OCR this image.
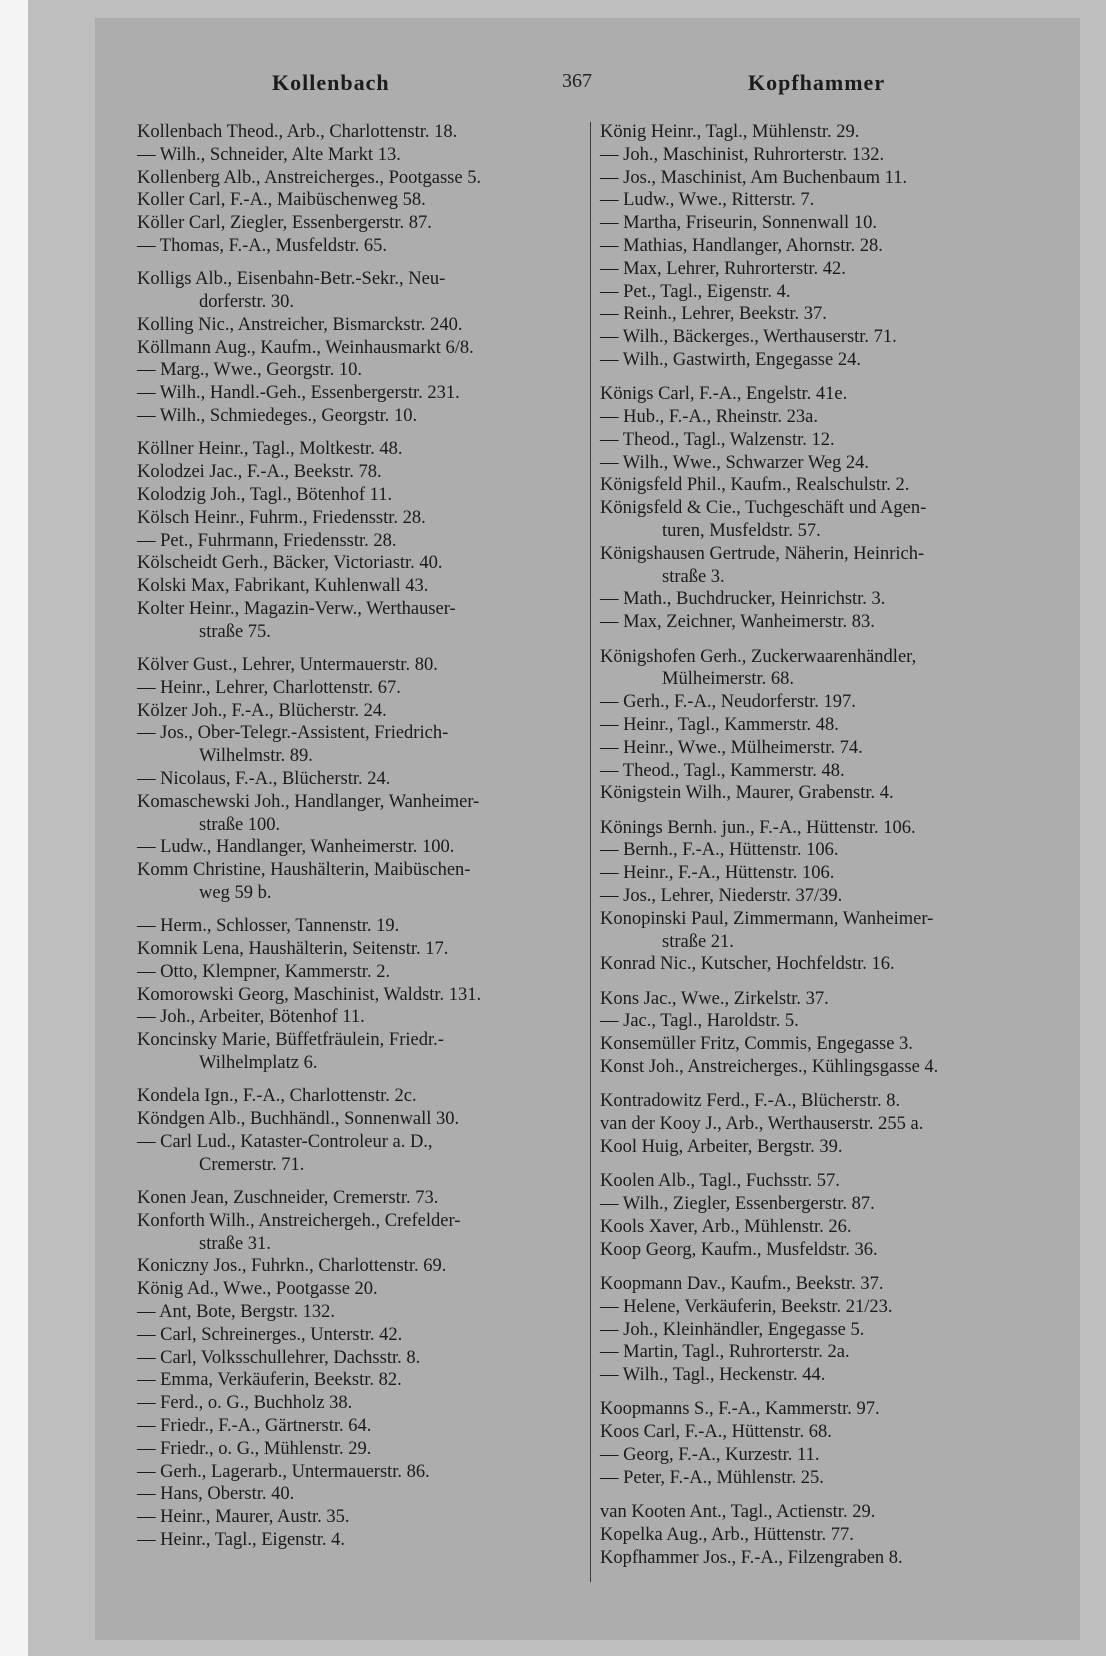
Kollenbach	367	Kopfhammer
Kollenbach Theod., Arb., Charlottenstr. 18.
— Wilh., Schneider, Alte Markt 13.
Kollenberg Alb., Anstreicherges., Pootgasse 5.
Koller Carl, F.-A., Maibüschenweg 58.
Köller Carl, Ziegler, Essenbergerstr. 87.
— Thomas, F.-A., Musfeldstr. 65.
Kolligs Alb., Eisenbahn-Betr.-Sekr., Neu-
dorferstr. 30.
Kolling Nic., Anstreicher, Bismarckstr. 240.
Köllmann Aug., Kaufm., Weinhausmarkt 6/8.
— Marg., Wwe., Georgstr. 10.
— Wilh., Handl.-Geh., Essenbergerstr. 231.
— Wilh., Schmiedeges., Georgstr. 10.
Köllner Heinr., Tagl., Moltkestr. 48.
Kolodzei Jac., F.-A., Beekstr. 78.
Kolodzig Joh., Tagl., Bötenhof 11.
Kölsch Heinr., Fuhrm., Friedensstr. 28.
— Pet., Fuhrmann, Friedensstr. 28.
Kölscheidt Gerh., Bäcker, Victoriastr. 40.
Kolski Max, Fabrikant, Kuhlenwall 43.
Kolter Heinr., Magazin-Verw., Werthauser-
straße 75.
Kölver Gust., Lehrer, Untermauerstr. 80.
— Heinr., Lehrer, Charlottenstr. 67.
Kölzer Joh., F.-A., Blücherstr. 24.
— Jos., Ober-Telegr.-Assistent, Friedrich-
Wilhelmstr. 89.
— Nicolaus, F.-A., Blücherstr. 24.
Komaschewski Joh., Handlanger, Wanheimer-
straße 100.
— Ludw., Handlanger, Wanheimerstr. 100.
Komm Christine, Haushälterin, Maibüschen-
weg 59 b.
— Herm., Schlosser, Tannenstr. 19.
Komnik Lena, Haushälterin, Seitenstr. 17.
— Otto, Klempner, Kammerstr. 2.
Komorowski Georg, Maschinist, Waldstr. 131.
— Joh., Arbeiter, Bötenhof 11.
Koncinsky Marie, Büffetfräulein, Friedr.-
Wilhelmplatz 6.
Kondela Ign., F.-A., Charlottenstr. 2c.
Köndgen Alb., Buchhändl., Sonnenwall 30.
— Carl Lud., Kataster-Controleur a. D.,
Cremerstr. 71.
Konen Jean, Zuschneider, Cremerstr. 73.
Konforth Wilh., Anstreichergeh., Crefelder-
straße 31.
Koniczny Jos., Fuhrkn., Charlottenstr. 69.
König Ad., Wwe., Pootgasse 20.
— Ant, Bote, Bergstr. 132.
— Carl, Schreinerges., Unterstr. 42.
— Carl, Volksschullehrer, Dachsstr. 8.
— Emma, Verkäuferin, Beekstr. 82.
— Ferd., o. G., Buchholz 38.
— Friedr., F.-A., Gärtnerstr. 64.
— Friedr., o. G., Mühlenstr. 29.
— Gerh., Lagerarb., Untermauerstr. 86.
— Hans, Oberstr. 40.
— Heinr., Maurer, Austr. 35.
— Heinr., Tagl., Eigenstr. 4.
König Heinr., Tagl., Mühlenstr. 29.
— Joh., Maschinist, Ruhrorterstr. 132.
— Jos., Maschinist, Am Buchenbaum 11.
— Ludw., Wwe., Ritterstr. 7.
— Martha, Friseurin, Sonnenwall 10.
— Mathias, Handlanger, Ahornstr. 28.
— Max, Lehrer, Ruhrorterstr. 42.
— Pet., Tagl., Eigenstr. 4.
— Reinh., Lehrer, Beekstr. 37.
— Wilh., Bäckerges., Werthauserstr. 71.
— Wilh., Gastwirth, Engegasse 24.
Königs Carl, F.-A., Engelstr. 41e.
— Hub., F.-A., Rheinstr. 23a.
— Theod., Tagl., Walzenstr. 12.
— Wilh., Wwe., Schwarzer Weg 24.
Königsfeld Phil., Kaufm., Realschulstr. 2.
Königsfeld & Cie., Tuchgeschäft und Agen-
turen, Musfeldstr. 57.
Königshausen Gertrude, Näherin, Heinrich-
straße 3.
— Math., Buchdrucker, Heinrichstr. 3.
— Max, Zeichner, Wanheimerstr. 83.
Königshofen Gerh., Zuckerwaarenhändler,
Mülheimerstr. 68.
— Gerh., F.-A., Neudorferstr. 197.
— Heinr., Tagl., Kammerstr. 48.
— Heinr., Wwe., Mülheimerstr. 74.
— Theod., Tagl., Kammerstr. 48.
Königstein Wilh., Maurer, Grabenstr. 4.
Könings Bernh. jun., F.-A., Hüttenstr. 106.
— Bernh., F.-A., Hüttenstr. 106.
— Heinr., F.-A., Hüttenstr. 106.
— Jos., Lehrer, Niederstr. 37/39.
Konopinski Paul, Zimmermann, Wanheimer-
straße 21.
Konrad Nic., Kutscher, Hochfeldstr. 16.
Kons Jac., Wwe., Zirkelstr. 37.
— Jac., Tagl., Haroldstr. 5.
Konsemüller Fritz, Commis, Engegasse 3.
Konst Joh., Anstreicherges., Kühlingsgasse 4.
Kontradowitz Ferd., F.-A., Blücherstr. 8.
van der Kooy J., Arb., Werthauserstr. 255 a.
Kool Huig, Arbeiter, Bergstr. 39.
Koolen Alb., Tagl., Fuchsstr. 57.
— Wilh., Ziegler, Essenbergerstr. 87.
Kools Xaver, Arb., Mühlenstr. 26.
Koop Georg, Kaufm., Musfeldstr. 36.
Koopmann Dav., Kaufm., Beekstr. 37.
— Helene, Verkäuferin, Beekstr. 21/23.
— Joh., Kleinhändler, Engegasse 5.
— Martin, Tagl., Ruhrorterstr. 2a.
— Wilh., Tagl., Heckenstr. 44.
Koopmanns S., F.-A., Kammerstr. 97.
Koos Carl, F.-A., Hüttenstr. 68.
— Georg, F.-A., Kurzestr. 11.
— Peter, F.-A., Mühlenstr. 25.
van Kooten Ant., Tagl., Actienstr. 29.
Kopelka Aug., Arb., Hüttenstr. 77.
Kopfhammer Jos., F.-A., Filzengraben 8.
